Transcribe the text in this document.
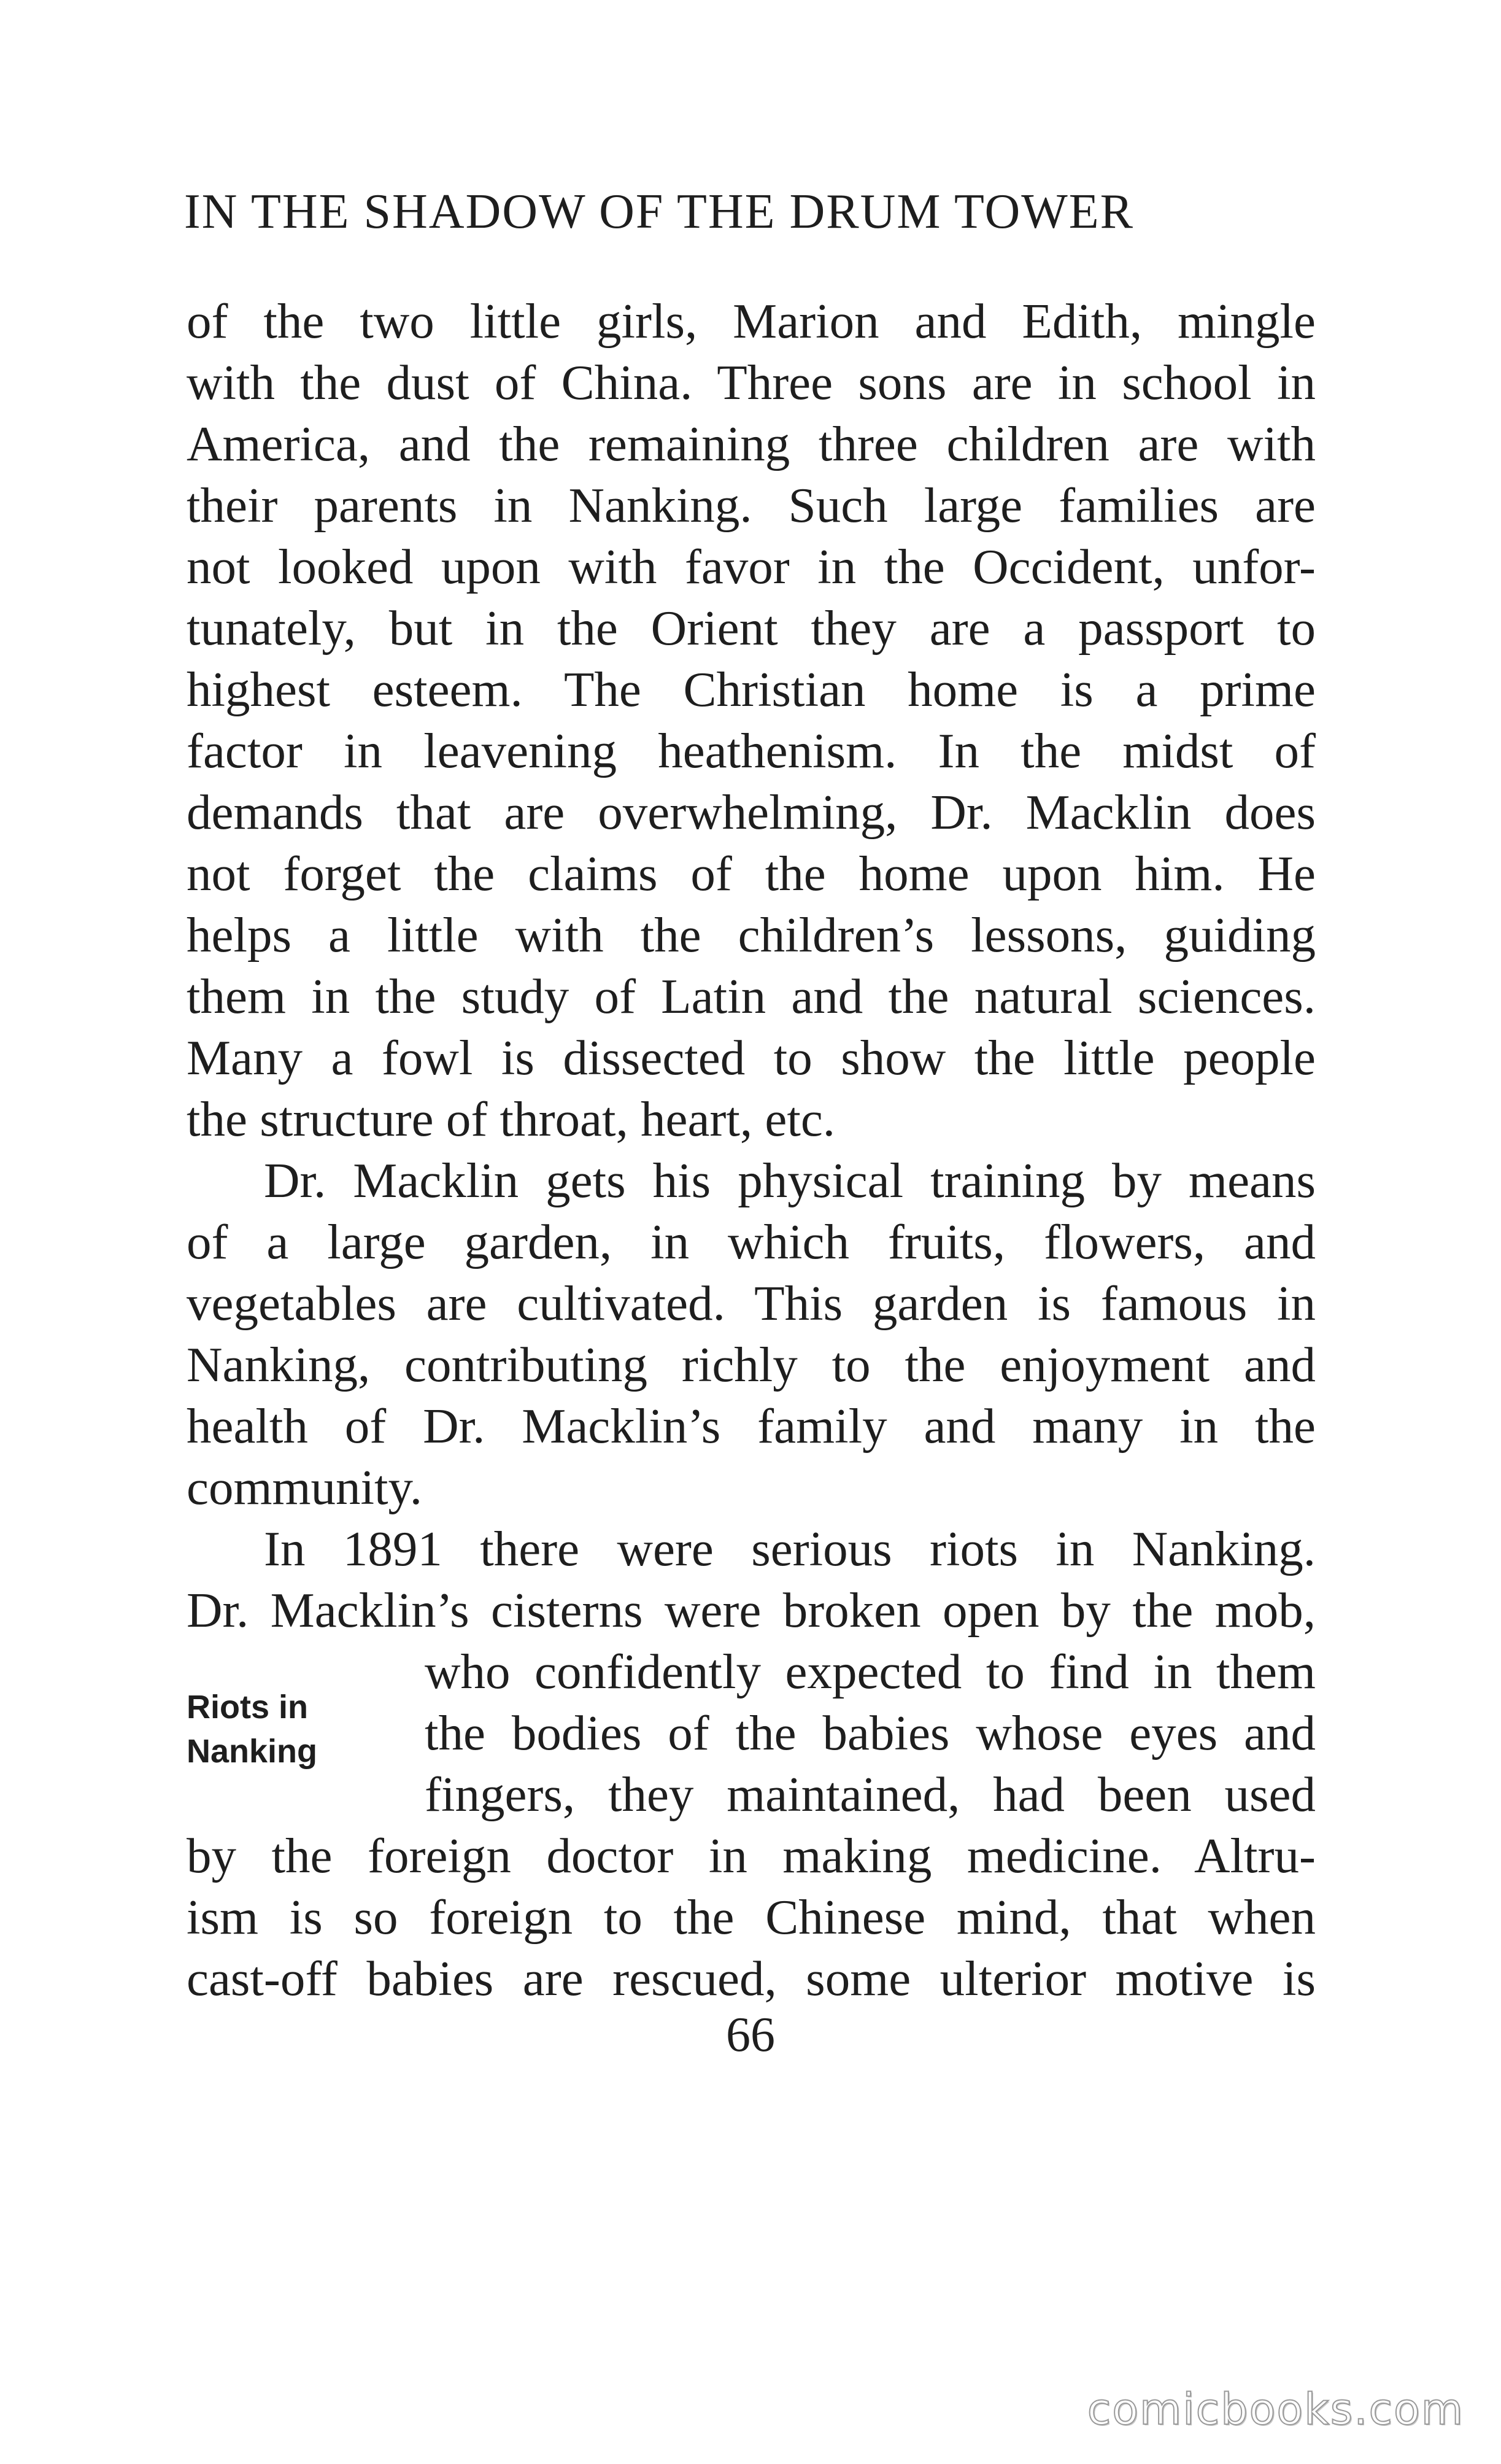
IN THE SHADOW OF THE DRUM TOWER
of the two little girls, Marion and Edith, mingle
with the dust of China. Three sons are in school in
America, and the remaining three children are with
their parents in Nanking. Such large families are
not looked upon with favor in the Occident, unfor-
tunately, but in the Orient they are a passport to
highest esteem. The Christian home is a prime
factor in leavening heathenism. In the midst of
demands that are overwhelming, Dr. Macklin does
not forget the claims of the home upon him. He
helps a little with the children’s lessons, guiding
them in the study of Latin and the natural sciences.
Many a fowl is dissected to show the little people
the structure of throat, heart, etc.
Dr. Macklin gets his physical training by means
of a large garden, in which fruits, flowers, and
vegetables are cultivated. This garden is famous in
Nanking, contributing richly to the enjoyment and
health of Dr. Macklin’s family and many in the
community.
In 1891 there were serious riots in Nanking.
Dr. Macklin’s cisterns were broken open by the mob,
who confidently expected to find in them
the bodies of the babies whose eyes and
fingers, they maintained, had been used
by the foreign doctor in making medicine. Altru-
ism is so foreign to the Chinese mind, that when
cast-off babies are rescued, some ulterior motive is
Riots in
Nanking
66
comicbooks.com
